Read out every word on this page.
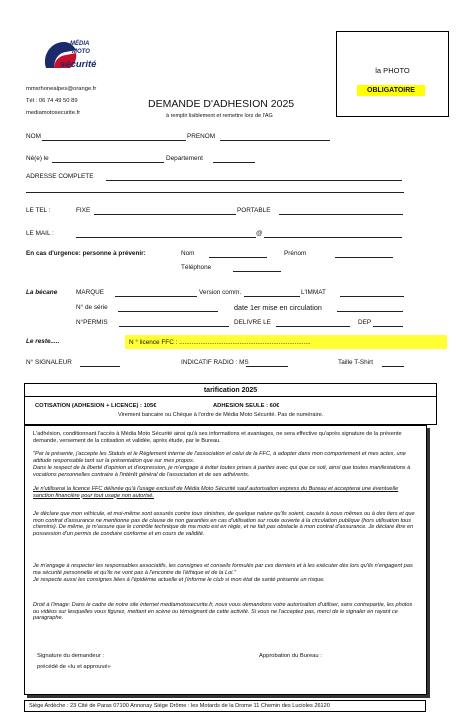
MÉDIA
MOTO
sécurité
mmsrhonealpes@orange.fr
Tél : 06 74 49 50 89
mediamotosecurite.fr
DEMANDE D'ADHESION 2025
à remplir lisiblement et remettre lors de l'AG
la PHOTO
OBLIGATOIRE
NOM	PRENOM
Né(e) le	Departement
ADRESSE COMPLETE
LE TEL :	FIXE	PORTABLE
LE MAIL :	@
En cas d'urgence: personne à prévenir:	Nom	Prénom
Téléphone
La bécane	MARQUE	Version comm.	L'IMMAT
N° de série	date 1er mise en circulation
N°PERMIS	DELIVRE LE	DEP
Le reste.....	N ° licence FFC : ..........................................................................
N° SIGNALEUR	INDICATIF RADIO : MS	Taille T-Shirt
tarification 2025
COTISATION (ADHESION + LICENCE) : 105€	ADHESION SEULE : 60€
Virement bancaire ou Chèque à l'ordre de Média Moto Sécurité. Pas de numéraire.

L'adhésion, conditionnant l'accès à Média Moto Sécurité ainsi qu'à ses informations et avantages, ne sera effective qu'après signature de la présente demande, versement de la cotisation et validée, après étude, par le Bureau.

"Par la présente, j'accepte les Statuts et le Règlement interne de l'association et celui de la FFC, à adopter dans mon comportement et mes actes, une attitude responsable tant sur la présentation que sur mes propos.

Dans le respect de la liberté d'opinion et d'expression, je m'engage à éviter toutes prises à parties avec qui que ce soit, ainsi que toutes manifestations à vocations personnelles contraire à l'intérêt général de l'association et de ses adhérents.

Je n'utiliserai la licence FFC délivrée qu'à l'usage exclusif de Média Moto Sécurité sauf autorisation express du Bureau et accepterai une éventuelle sanction financière pour tout usage non autorisé.

Je déclare que mon véhicule, et moi-même sont assurés contre tous sinistres, de quelque nature qu'ils soient, causés à nous mêmes ou à des tiers et que mon contrat d'assurance ne mentionne pas de clause de non garanties en cas d'utilisation sur route ouverte à la circulation publique (hors utilisation tous chemins). De même, je m'assure que le contrôle technique de ma moto est en règle, et ne fait pas obstacle à mon contrat d'assurance. Je déclare être en possession d'un permis de conduire conforme et en cours de validité.

Je m'engage à respecter les responsables associatifs, les consignes et conseils formulés par ces derniers et à les exécuter dès lors qu'ils n'engagent pas ma sécurité personnelle et qu'ils ne vont pas à l'encontre de l'éthique et de la Loi."

Je respecte aussi les consignes liées à l'épidémie actuelle et j'informe le club si mon état de santé présente un risque.

Droit à l'image: Dans le cadre de notre site internet mediamotosecurite.fr, nous vous demandons votre autorisation d'utiliser, sans contrepartie, les photos ou vidéos sur lesquelles vous figurez, mettant en scène ou témoignant de cette activité. Si vous ne l'acceptez pas, merci de le signaler en rayant ce paragraphe.

Signature du demandeur :
précédé de «lu et approuvé»
Approbation du Bureau :
Siège Ardèche : 23 Cité de Paras 07100 Annonay Siège Drôme : les Motards de la Drome 11 Chemin des Lucioles 26120
